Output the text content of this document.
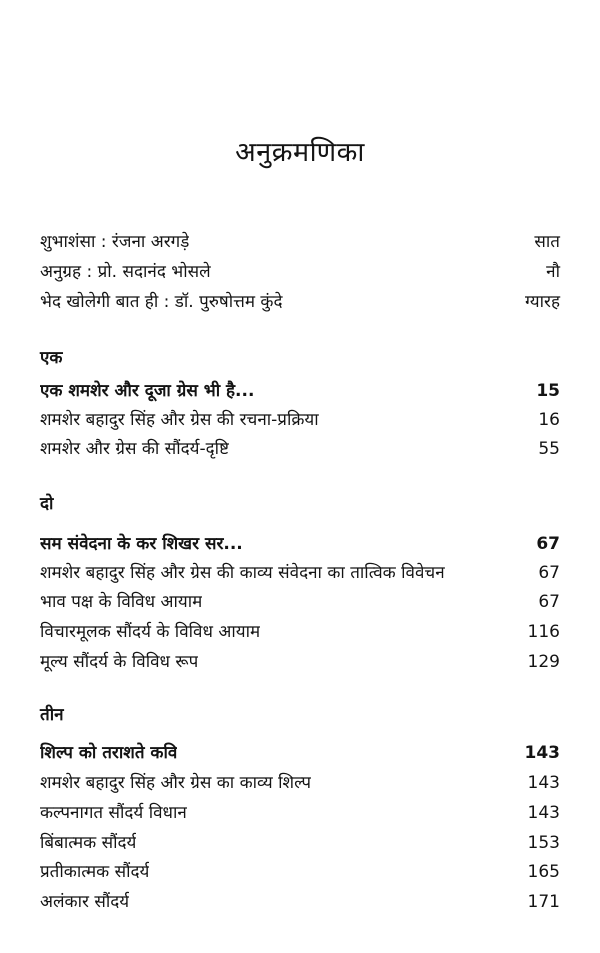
अनुक्रमणिका
शुभाशंसा : रंजना अरगड़े	सात
अनुग्रह : प्रो. सदानंद भोसले	नौ
भेद खोलेगी बात ही : डॉ. पुरुषोत्तम कुंदे	ग्यारह
एक
एक शमशेर और दूजा ग्रेस भी है...	15
शमशेर बहादुर सिंह और ग्रेस की रचना-प्रक्रिया	16
शमशेर और ग्रेस की सौंदर्य-दृष्टि	55
दो
सम संवेदना के कर शिखर सर...	67
शमशेर बहादुर सिंह और ग्रेस की काव्य संवेदना का तात्विक विवेचन	67
भाव पक्ष के विविध आयाम	67
विचारमूलक सौंदर्य के विविध आयाम	116
मूल्य सौंदर्य के विविध रूप	129
तीन
शिल्प को तराशते कवि	143
शमशेर बहादुर सिंह और ग्रेस का काव्य शिल्प	143
कल्पनागत सौंदर्य विधान	143
बिंबात्मक सौंदर्य	153
प्रतीकात्मक सौंदर्य	165
अलंकार सौंदर्य	171
